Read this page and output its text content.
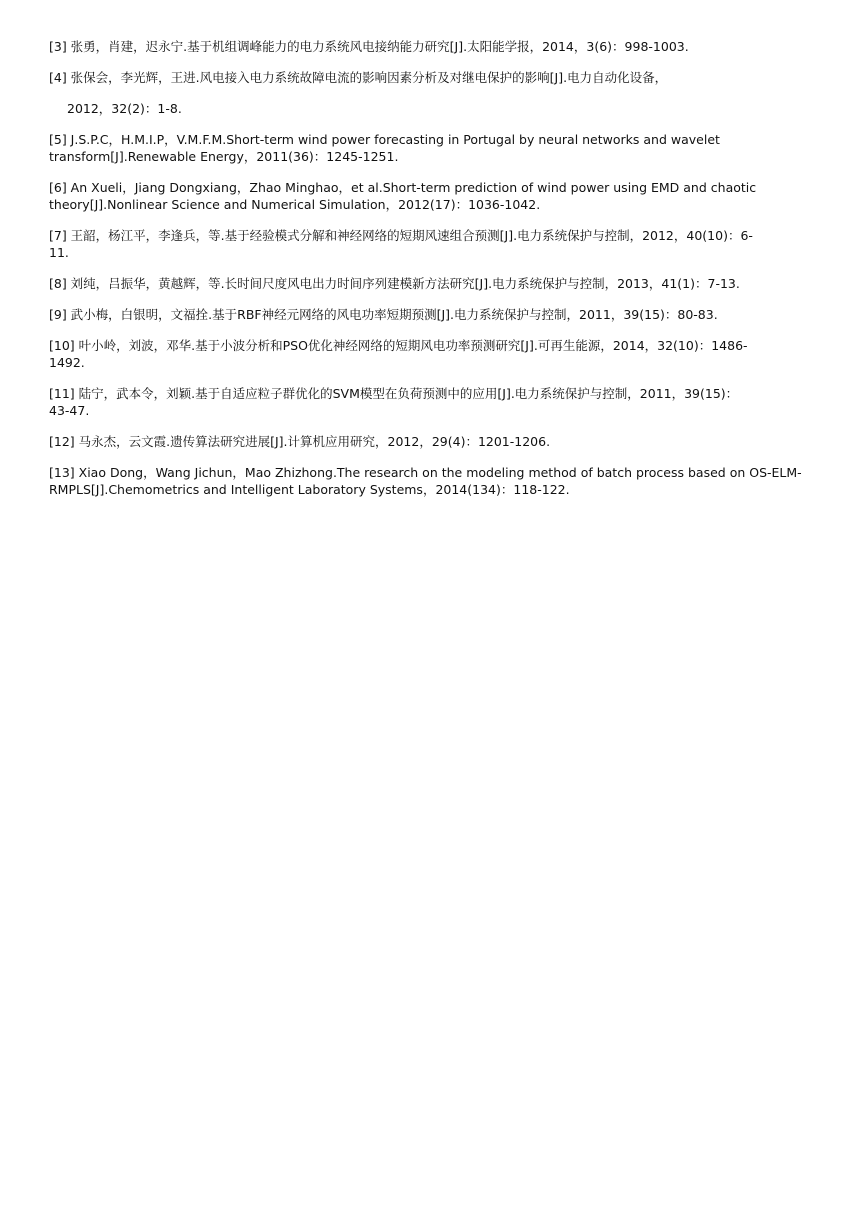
[3] 张勇，肖建，迟永宁.基于机组调峰能力的电力系统风电接纳能力研究[J].太阳能学报，2014，3(6)：998-1003.
[4] 张保会，李光辉，王进.风电接入电力系统故障电流的影响因素分析及对继电保护的影响[J].电力自动化设备，
2012，32(2)：1-8.
[5] J.S.P.C，H.M.I.P，V.M.F.M.Short-term wind power forecasting in Portugal by neural networks and wavelet
transform[J].Renewable Energy，2011(36)：1245-1251.
[6] An Xueli，Jiang Dongxiang，Zhao Minghao，et al.Short-term prediction of wind power using EMD and chaotic
theory[J].Nonlinear Science and Numerical Simulation，2012(17)：1036-1042.
[7] 王韶，杨江平，李逢兵，等.基于经验模式分解和神经网络的短期风速组合预测[J].电力系统保护与控制，2012，40(10)：6-
11.
[8] 刘纯，吕振华，黄越辉，等.长时间尺度风电出力时间序列建模新方法研究[J].电力系统保护与控制，2013，41(1)：7-13.
[9] 武小梅，白银明，文福拴.基于RBF神经元网络的风电功率短期预测[J].电力系统保护与控制，2011，39(15)：80-83.
[10] 叶小岭，刘波，邓华.基于小波分析和PSO优化神经网络的短期风电功率预测研究[J].可再生能源，2014，32(10)：1486-
1492.
[11] 陆宁，武本令，刘颖.基于自适应粒子群优化的SVM模型在负荷预测中的应用[J].电力系统保护与控制，2011，39(15)：
43-47.
[12] 马永杰，云文霞.遗传算法研究进展[J].计算机应用研究，2012，29(4)：1201-1206.
[13] Xiao Dong，Wang Jichun，Mao Zhizhong.The research on the modeling method of batch process based on OS-ELM-
RMPLS[J].Chemometrics and Intelligent Laboratory Systems，2014(134)：118-122.
